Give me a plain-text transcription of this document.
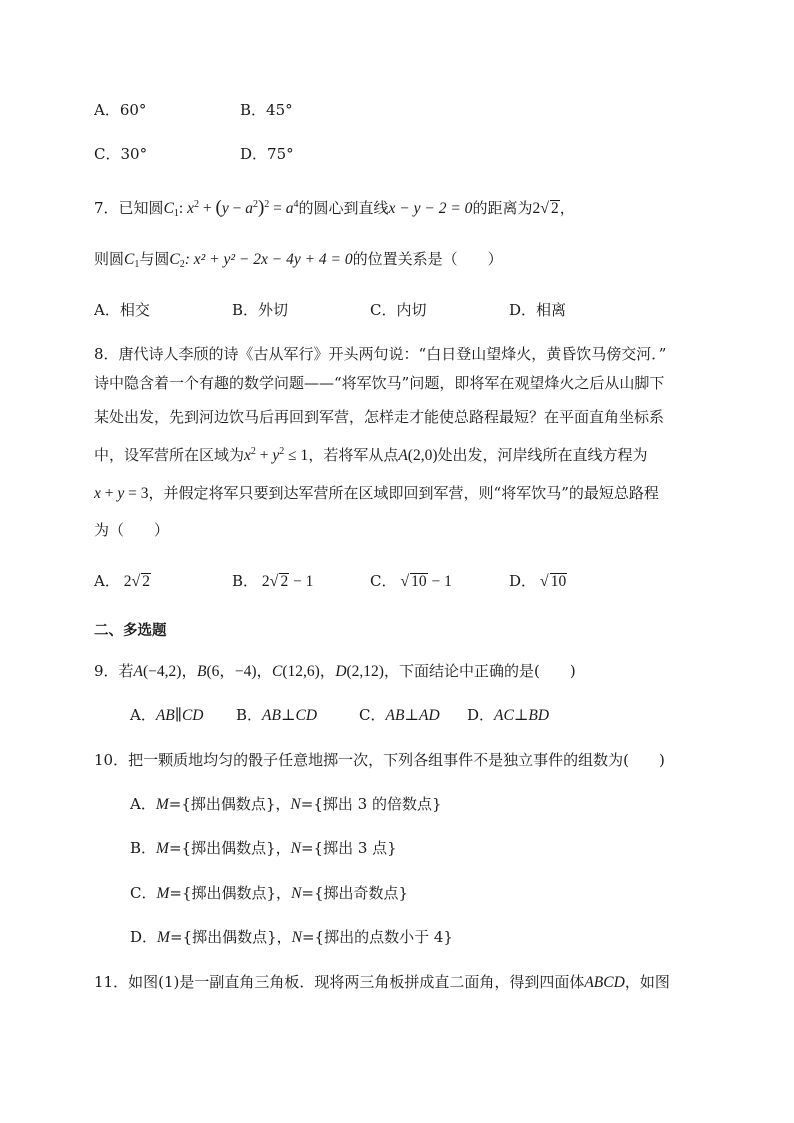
A．60°	B．45°
C．30°	D．75°
7．已知圆$C_1$: $x^2 + (y - a^2)^2 = a^4$的圆心到直线x − y − 2 = 0的距离为2√ 2，
则圆$C_1$与圆$C_2$: x² + y² − 2x − 4y + 4 = 0的位置关系是（　　）
A．相交	B．外切	C．内切	D．相离
8．唐代诗人李颀的诗《古从军行》开头两句说：“白日登山望烽火，黄昏饮马傍交河．”
诗中隐含着一个有趣的数学问题——“将军饮马”问题，即将军在观望烽火之后从山脚下
某处出发，先到河边饮马后再回到军营，怎样走才能使总路程最短？在平面直角坐标系
中，设军营所在区域为$x^2 + y^2 \le 1$，若将军从点A(2,0)处出发，河岸线所在直线方程为
x + y = 3，并假定将军只要到达军营所在区域即回到军营，则“将军饮马”的最短总路程
为（　　）
A． 2√ 2	B． 2√ 2 − 1	C． √ 10 − 1	D． √ 10
二、多选题
9．若A(−4,2)，B(6，−4)，C(12,6)，D(2,12)，下面结论中正确的是(　　)
A．AB∥CD B．AB⊥CD	C．AB⊥AD D．AC⊥BD
10．把一颗质地均匀的骰子任意地掷一次，下列各组事件不是独立事件的组数为(　　)
A．M={掷出偶数点}，N={掷出 3 的倍数点}
B．M={掷出偶数点}，N={掷出 3 点}
C．M={掷出偶数点}，N={掷出奇数点}
D．M={掷出偶数点}，N={掷出的点数小于 4}
11．如图(1)是一副直角三角板．现将两三角板拼成直二面角，得到四面体ABCD，如图
